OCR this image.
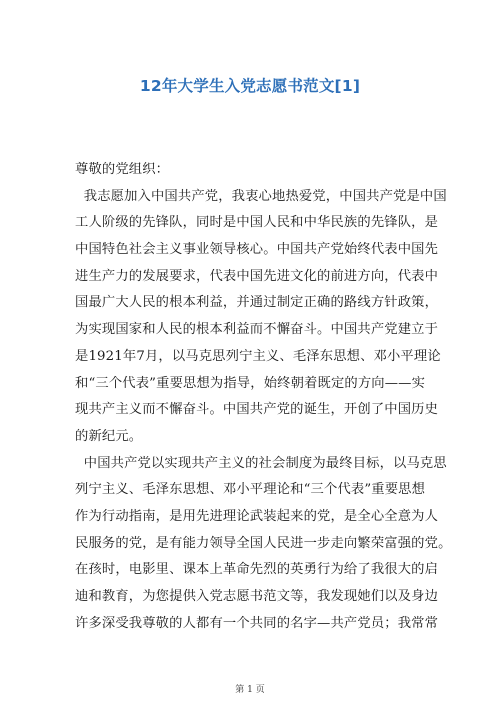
12年大学生入党志愿书范文[1]
尊敬的党组织：
我志愿加入中国共产党，我衷心地热爱党，中国共产党是中国
工人阶级的先锋队，同时是中国人民和中华民族的先锋队，是
中国特色社会主义事业领导核心。中国共产党始终代表中国先
进生产力的发展要求，代表中国先进文化的前进方向，代表中
国最广大人民的根本利益，并通过制定正确的路线方针政策，
为实现国家和人民的根本利益而不懈奋斗。中国共产党建立于
是1921年7月，以马克思列宁主义、毛泽东思想、邓小平理论
和“三个代表”重要思想为指导，始终朝着既定的方向——实
现共产主义而不懈奋斗。中国共产党的诞生，开创了中国历史
的新纪元。
中国共产党以实现共产主义的社会制度为最终目标，以马克思
列宁主义、毛泽东思想、邓小平理论和“三个代表”重要思想
作为行动指南，是用先进理论武装起来的党，是全心全意为人
民服务的党，是有能力领导全国人民进一步走向繁荣富强的党。
在孩时，电影里、课本上革命先烈的英勇行为给了我很大的启
迪和教育，为您提供入党志愿书范文等，我发现她们以及身边
许多深受我尊敬的人都有一个共同的名字—共产党员；我常常
第 1 页
